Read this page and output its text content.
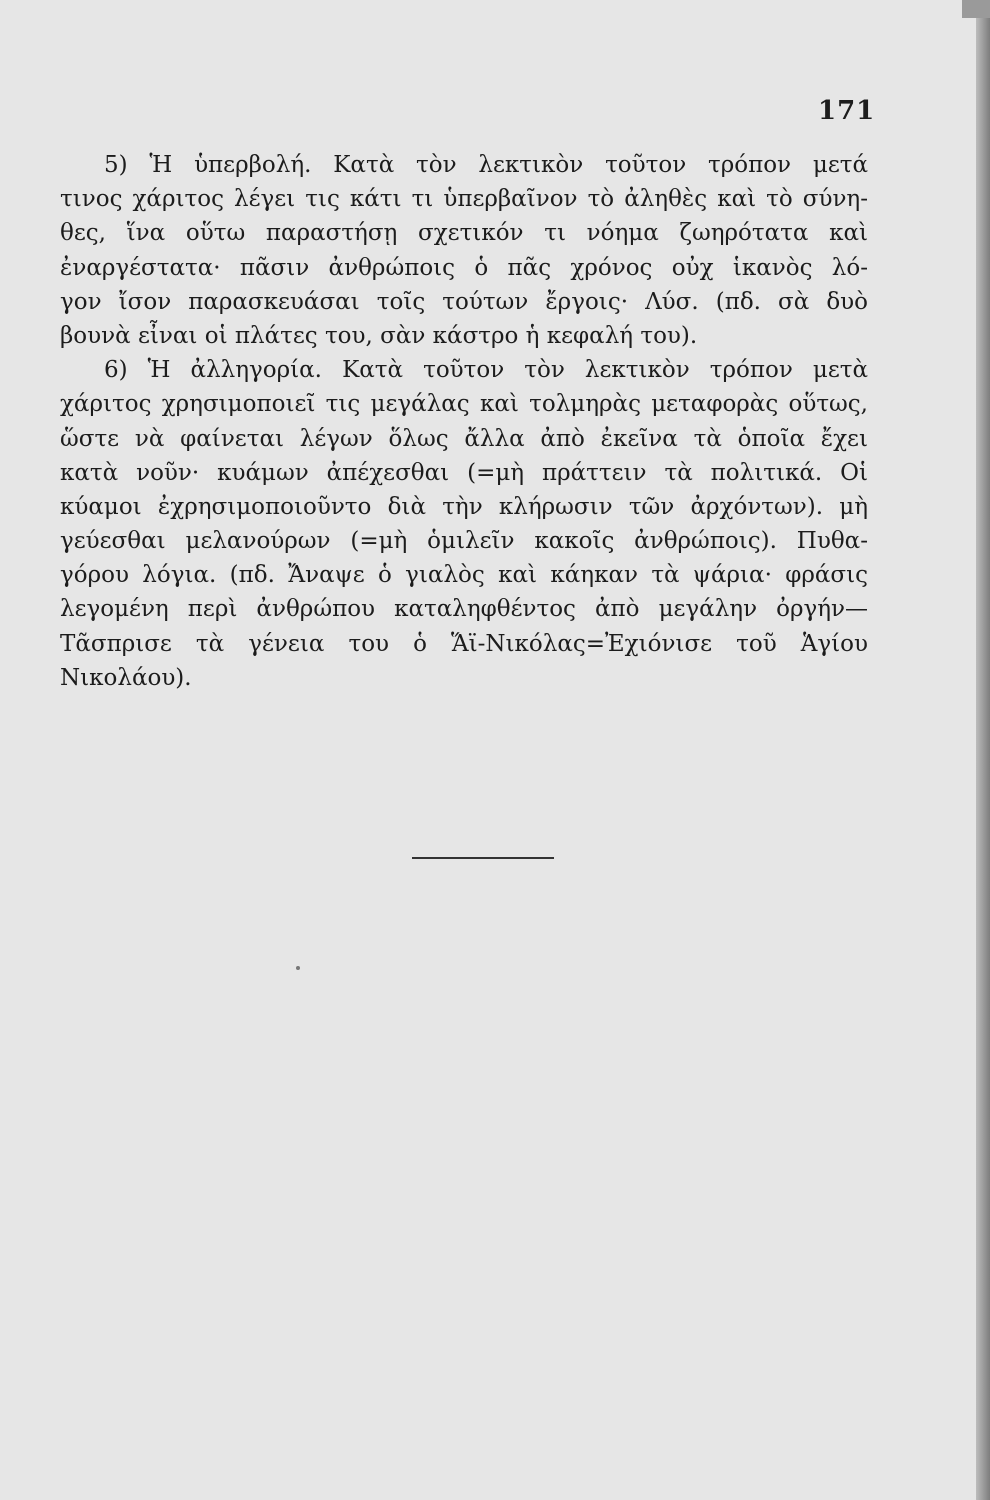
171
5) Ἡ ὑπερβολή. Κατὰ τὸν λεκτικὸν τοῦτον τρόπον μετά
τινος χάριτος λέγει τις κάτι τι ὑπερβαῖνον τὸ ἀληθὲς καὶ τὸ σύνη-
θες, ἵνα οὕτω παραστήσῃ σχετικόν τι νόημα ζωηρότατα καὶ
ἐναργέστατα· πᾶσιν ἀνθρώποις ὁ πᾶς χρόνος οὐχ ἱκανὸς λό-
γον ἴσον παρασκευάσαι τοῖς τούτων ἔργοις· Λύσ. (πδ. σὰ δυὸ
βουνὰ εἶναι οἱ πλάτες του, σὰν κάστρο ἡ κεφαλή του).
6) Ἡ ἀλληγορία. Κατὰ τοῦτον τὸν λεκτικὸν τρόπον μετὰ
χάριτος χρησιμοποιεῖ τις μεγάλας καὶ τολμηρὰς μεταφορὰς οὕτως,
ὥστε νὰ φαίνεται λέγων ὅλως ἄλλα ἀπὸ ἐκεῖνα τὰ ὁποῖα ἔχει
κατὰ νοῦν· κυάμων ἀπέχεσθαι (=μὴ πράττειν τὰ πολιτικά. Οἱ
κύαμοι ἐχρησιμοποιοῦντο διὰ τὴν κλήρωσιν τῶν ἀρχόντων). μὴ
γεύεσθαι μελανούρων (=μὴ ὁμιλεῖν κακοῖς ἀνθρώποις). Πυθα-
γόρου λόγια. (πδ. Ἄναψε ὁ γιαλὸς καὶ κάηκαν τὰ ψάρια· φράσις
λεγομένη περὶ ἀνθρώπου καταληφθέντος ἀπὸ μεγάλην ὀργήν—
Τᾶσπρισε τὰ γένεια του ὁ Ἅϊ-Νικόλας=Ἐχιόνισε τοῦ Ἁγίου
Νικολάου).
